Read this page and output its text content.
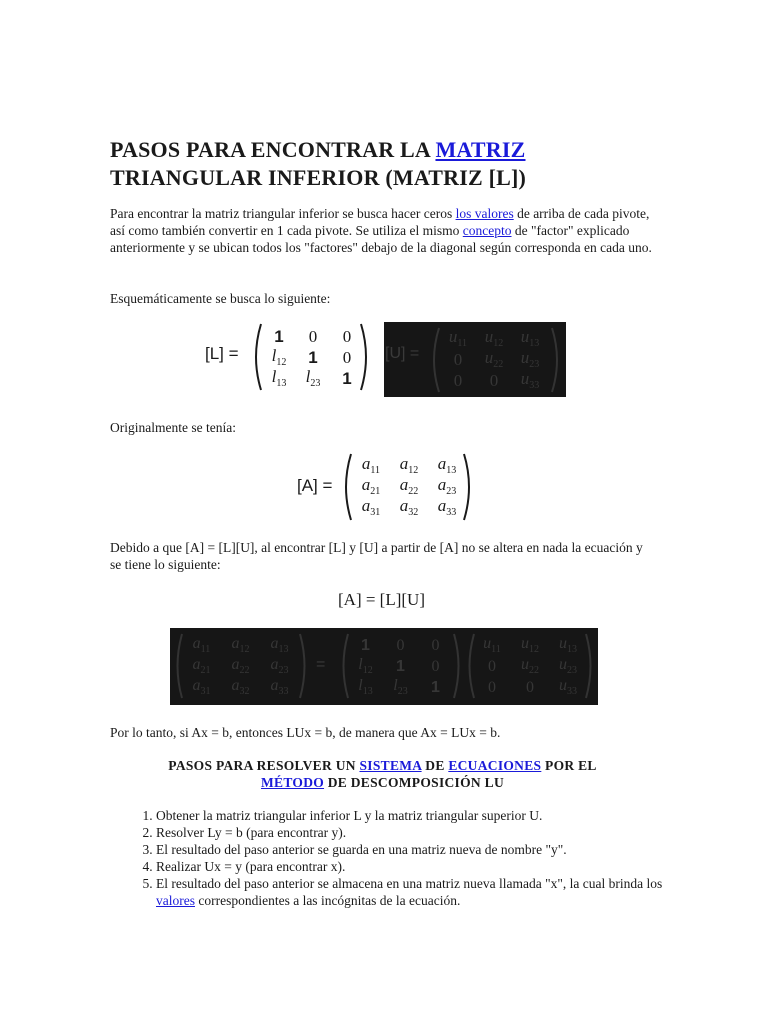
PASOS PARA ENCONTRAR LA MATRIZ
TRIANGULAR INFERIOR (MATRIZ [L])

Para encontrar la matriz triangular inferior se busca hacer ceros los valores de arriba de cada pivote, así como también convertir en 1 cada pivote. Se utiliza el mismo concepto de "factor" explicado anteriormente y se ubican todos los "factores" debajo de la diagonal según corresponda en cada uno.

Esquemáticamente se busca lo siguiente:

[L] =
1 0 0
$l_{12}$ 1 0
$l_{13}$ $l_{23}$ 1
[U] =
$u_{11}$ $u_{12}$ $u_{13}$
0 $u_{22}$ $u_{23}$
0 0 $u_{33}$

Originalmente se tenía:

[A] =
$a_{11}$ $a_{12}$ $a_{13}$
$a_{21}$ $a_{22}$ $a_{23}$
$a_{31}$ $a_{32}$ $a_{33}$

Debido a que [A] = [L][U], al encontrar [L] y [U] a partir de [A] no se altera en nada la ecuación y se tiene lo siguiente:

[A] = [L][U]
$a_{11}$ $a_{12}$ $a_{13}$
$a_{21}$ $a_{22}$ $a_{23}$
$a_{31}$ $a_{32}$ $a_{33}$
=
1 0 0
$l_{12}$ 1 0
$l_{13}$ $l_{23}$ 1
$u_{11}$ $u_{12}$ $u_{13}$
0 $u_{22}$ $u_{23}$
0 0 $u_{33}$

Por lo tanto, si Ax = b, entonces LUx = b, de manera que Ax = LUx = b.

PASOS PARA RESOLVER UN SISTEMA DE ECUACIONES POR EL
MÉTODO DE DESCOMPOSICIÓN LU

1. Obtener la matriz triangular inferior L y la matriz triangular superior U.
2. Resolver Ly = b (para encontrar y).
3. El resultado del paso anterior se guarda en una matriz nueva de nombre "y".
4. Realizar Ux = y (para encontrar x).
5. El resultado del paso anterior se almacena en una matriz nueva llamada "x", la cual brinda los valores correspondientes a las incógnitas de la ecuación.
